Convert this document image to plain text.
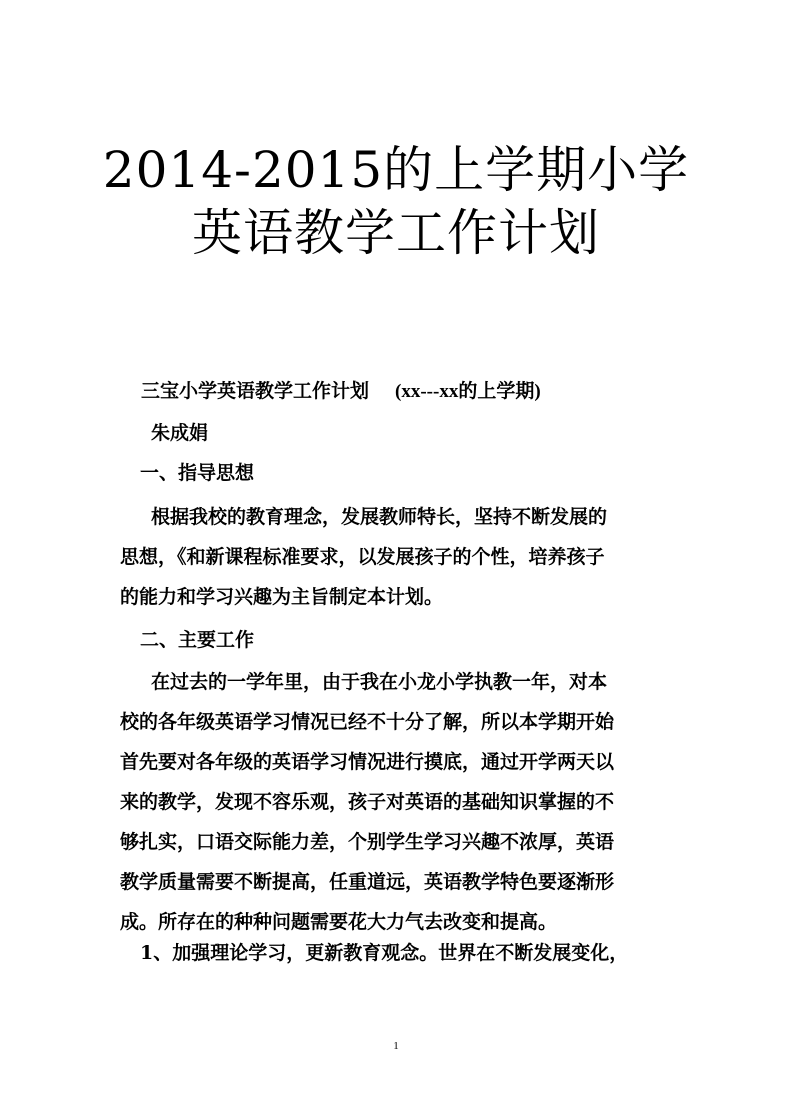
2014-2015的上学期小学
英语教学工作计划
三宝小学英语教学工作计划 (xx---xx的上学期)
朱成娟
一、指导思想
根据我校的教育理念，发展教师特长，坚持不断发展的
思想，《和新课程标准要求，以发展孩子的个性，培养孩子
的能力和学习兴趣为主旨制定本计划。
二、主要工作
在过去的一学年里，由于我在小龙小学执教一年，对本
校的各年级英语学习情况已经不十分了解，所以本学期开始
首先要对各年级的英语学习情况进行摸底，通过开学两天以
来的教学，发现不容乐观，孩子对英语的基础知识掌握的不
够扎实，口语交际能力差，个别学生学习兴趣不浓厚，英语
教学质量需要不断提高，任重道远，英语教学特色要逐渐形
成。所存在的种种问题需要花大力气去改变和提高。
1、加强理论学习，更新教育观念。世界在不断发展变化，
1
